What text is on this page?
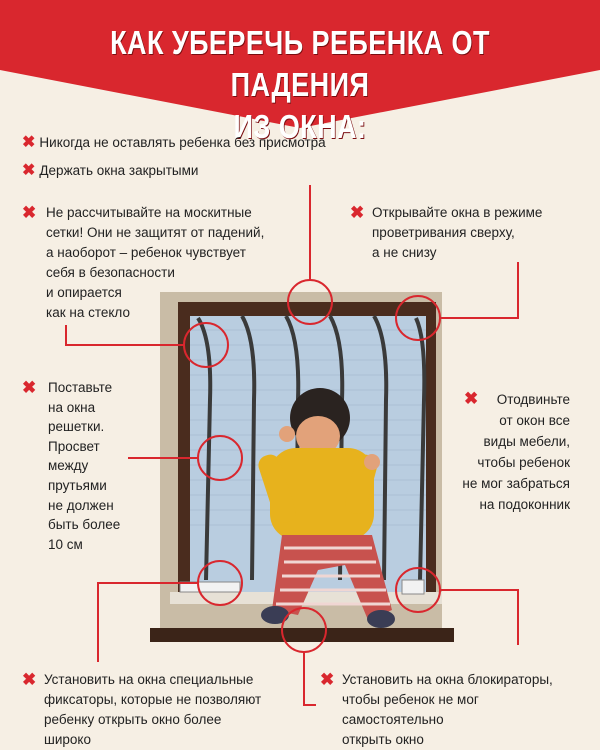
КАК УБЕРЕЧЬ РЕБЕНКА ОТ ПАДЕНИЯ
ИЗ ОКНА:
✖ Никогда не оставлять ребенка без присмотра
✖ Держать окна закрытыми
✖ Не рассчитывайте на москитные
сетки! Они не защитят от падений,
а наоборот – ребенок чувствует
себя в безопасности
и опирается
как на стекло
✖ Открывайте окна в режиме
проветривания сверху,
а не снизу
✖ Поставьте
на окна
решетки.
Просвет
между
прутьями
не должен
быть более
10 см
✖	Отодвиньте
от окон все
виды мебели,
чтобы ребенок
не мог забраться
на подоконник
✖ Установить на окна специальные
фиксаторы, которые не позволяют
ребенку открыть окно более
широко
✖ Установить на окна блокираторы,
чтобы ребенок не мог
самостоятельно
открыть окно
